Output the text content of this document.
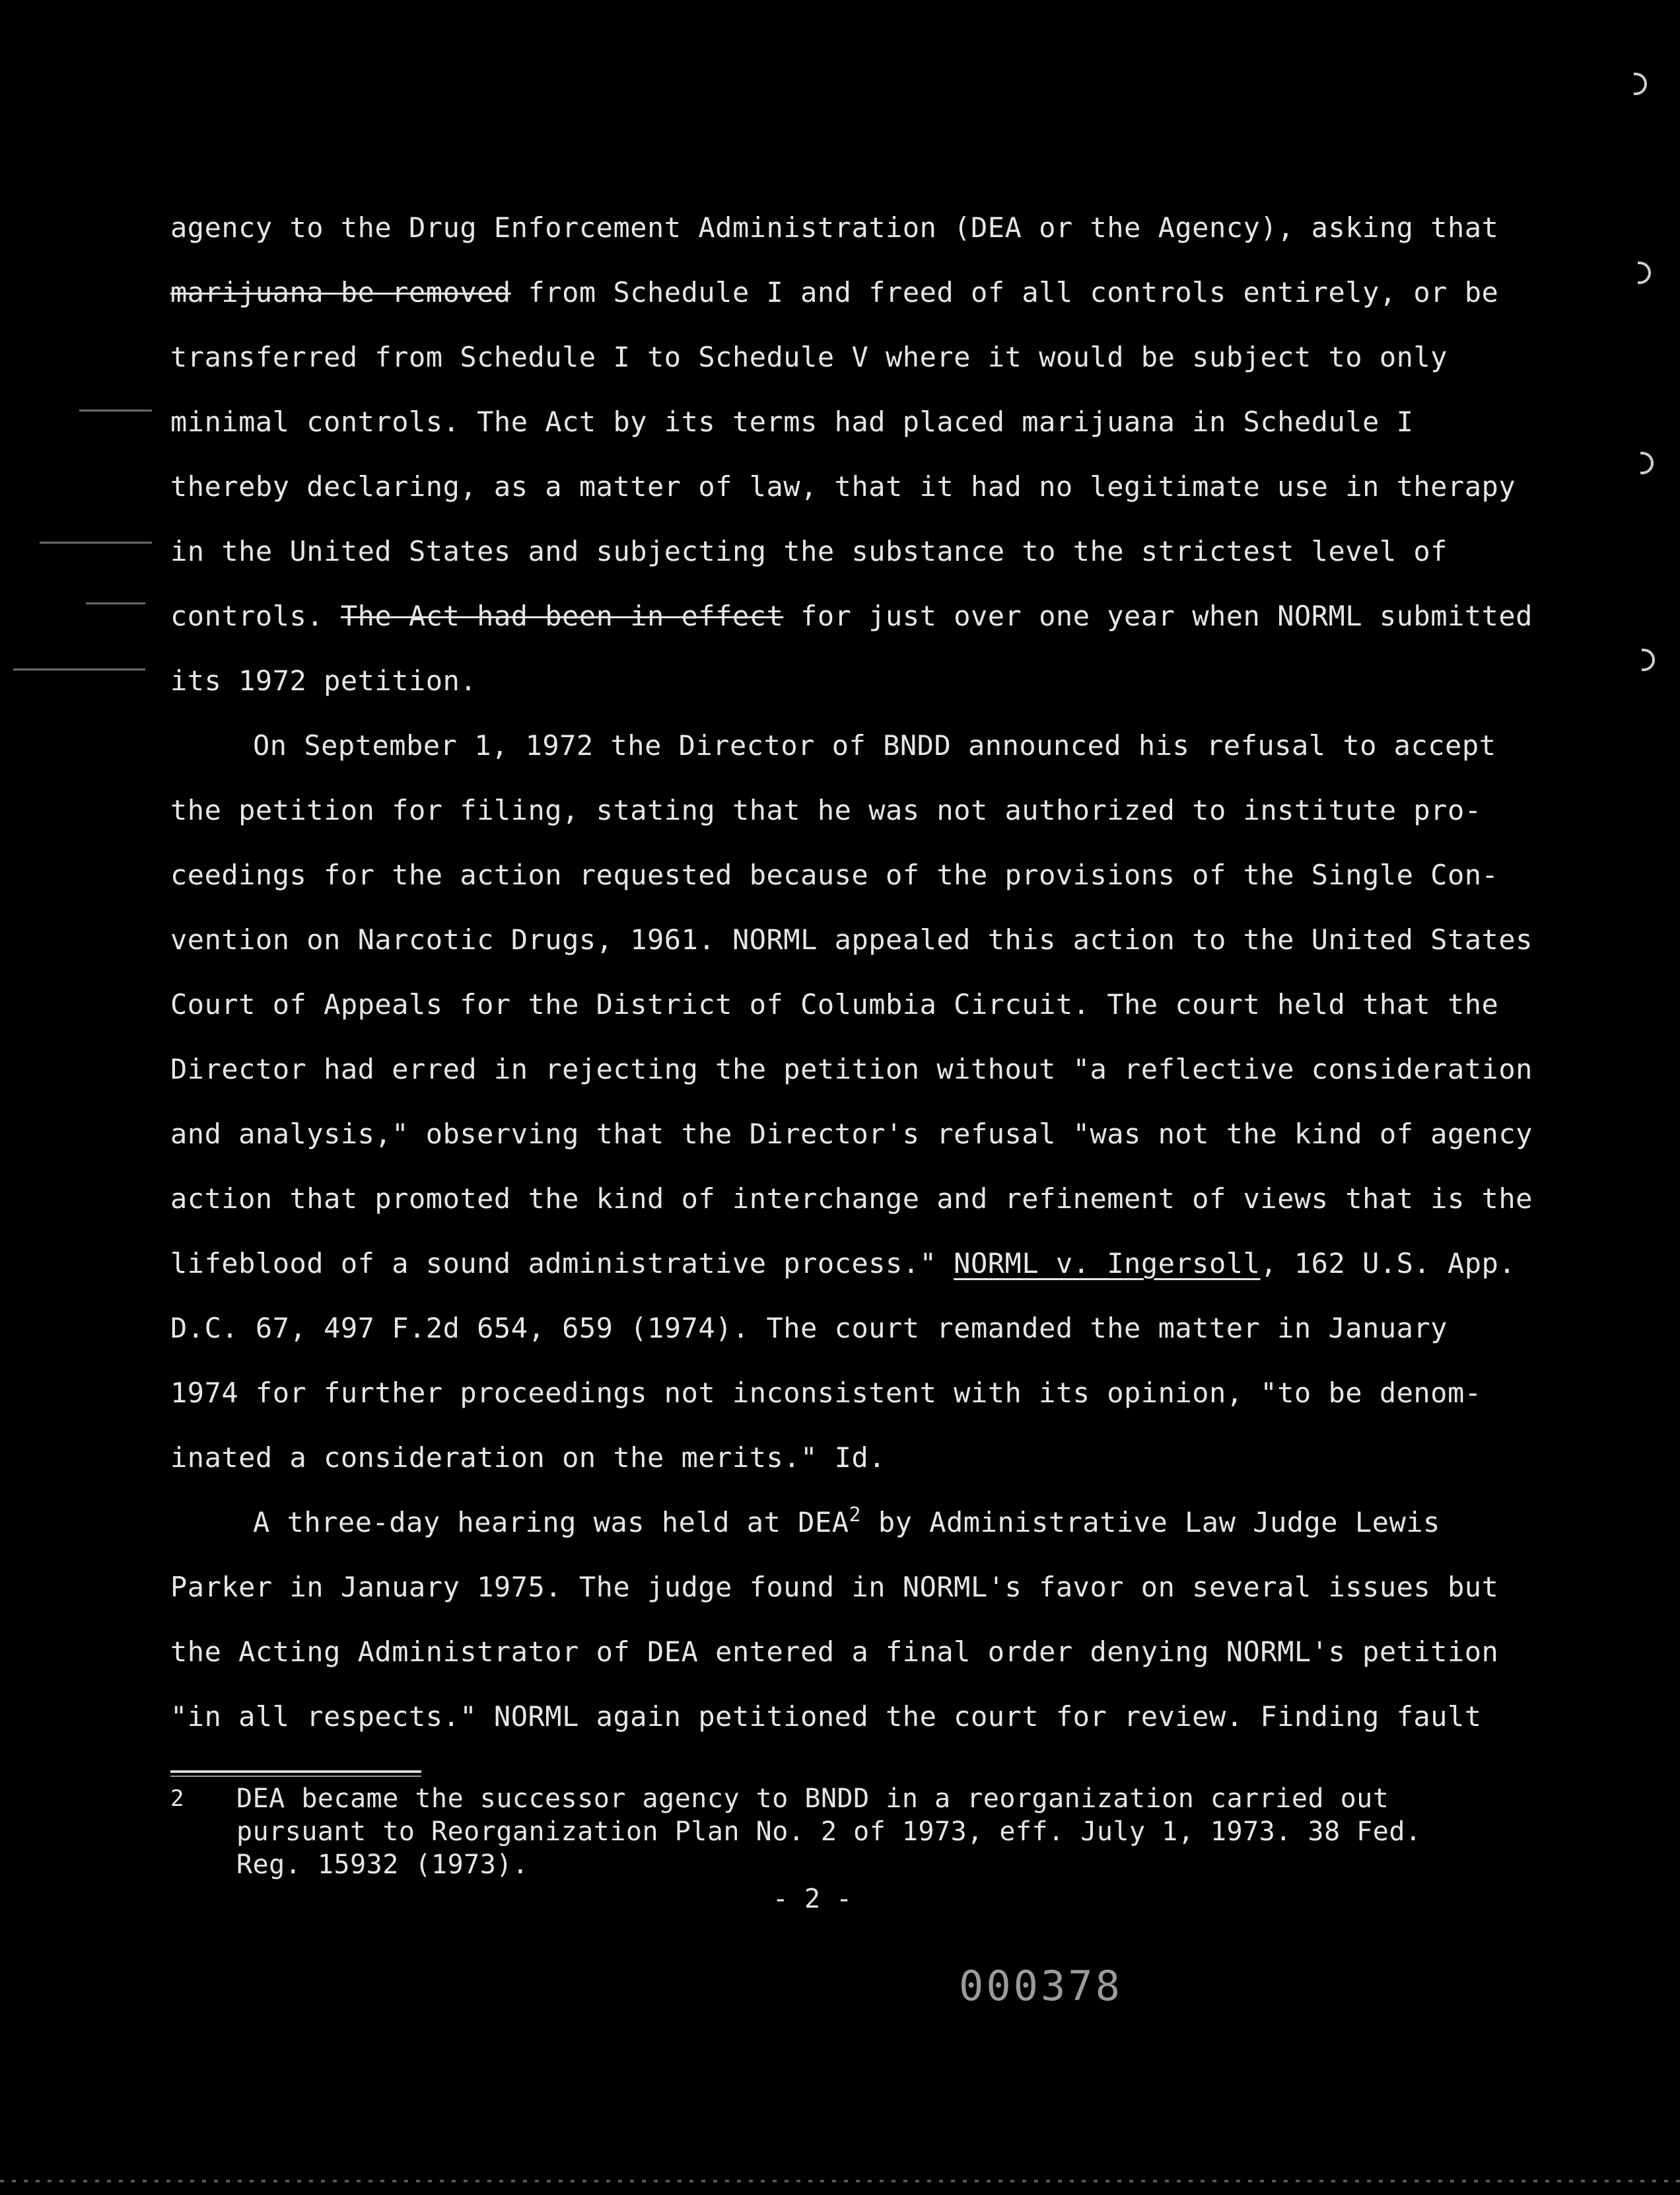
agency to the Drug Enforcement Administration (DEA or the Agency), asking that
marijuana be removed from Schedule I and freed of all controls entirely, or be
transferred from Schedule I to Schedule V where it would be subject to only
minimal controls. The Act by its terms had placed marijuana in Schedule I
thereby declaring, as a matter of law, that it had no legitimate use in therapy
in the United States and subjecting the substance to the strictest level of
controls. The Act had been in effect for just over one year when NORML submitted
its 1972 petition.
On September 1, 1972 the Director of BNDD announced his refusal to accept
the petition for filing, stating that he was not authorized to institute pro-
ceedings for the action requested because of the provisions of the Single Con-
vention on Narcotic Drugs, 1961. NORML appealed this action to the United States
Court of Appeals for the District of Columbia Circuit. The court held that the
Director had erred in rejecting the petition without "a reflective consideration
and analysis," observing that the Director's refusal "was not the kind of agency
action that promoted the kind of interchange and refinement of views that is the
lifeblood of a sound administrative process." NORML v. Ingersoll, 162 U.S. App.
D.C. 67, 497 F.2d 654, 659 (1974). The court remanded the matter in January
1974 for further proceedings not inconsistent with its opinion, "to be denom-
inated a consideration on the merits." Id.
A three-day hearing was held at DEA$^2$ by Administrative Law Judge Lewis
Parker in January 1975. The judge found in NORML's favor on several issues but
the Acting Administrator of DEA entered a final order denying NORML's petition
"in all respects." NORML again petitioned the court for review. Finding fault
2 DEA became the successor agency to BNDD in a reorganization carried out
pursuant to Reorganization Plan No. 2 of 1973, eff. July 1, 1973. 38 Fed.
Reg. 15932 (1973).
- 2 -
000378
